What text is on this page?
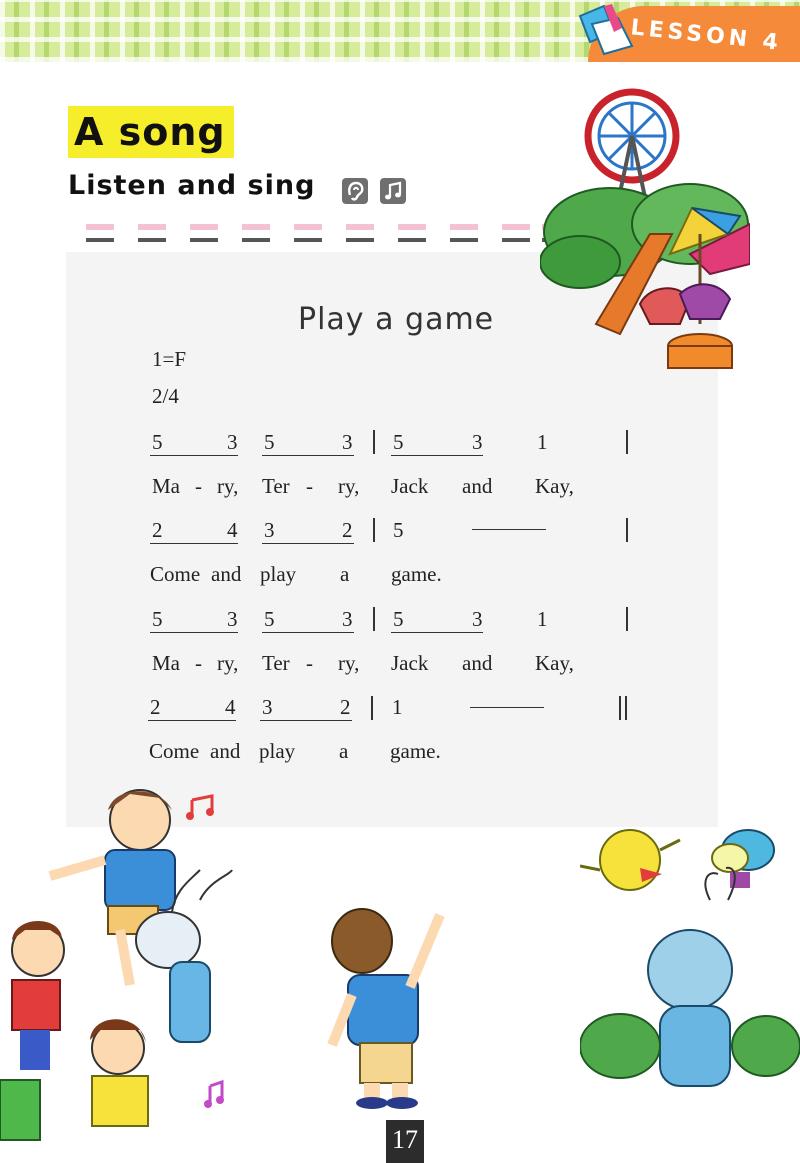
LESSON 4
A song
Listen and sing
Play a game
1=F
2/4
5	3 5	3 5	3	1
Ma - ry, Ter - ry, Jack and Kay,
2	4 3	2 5
Come and play a game.
5	3 5	3 5	3	1
Ma - ry, Ter - ry, Jack and Kay,
2	4 3	2 1
Come and play a game.
17
